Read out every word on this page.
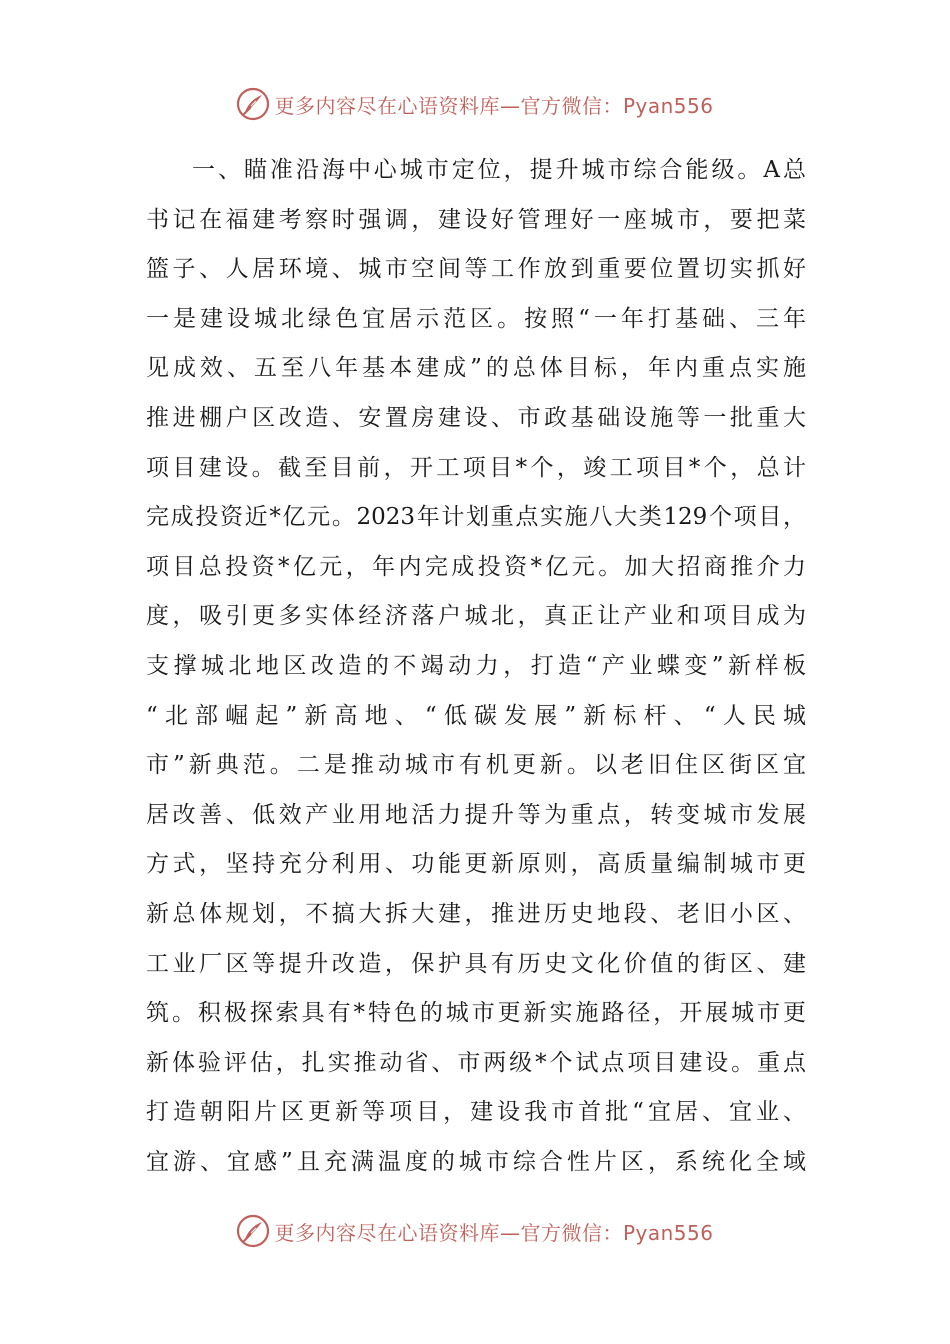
更多内容尽在心语资料库—官方微信：Pyan556
一、瞄准沿海中心城市定位，提升城市综合能级。A总
书记在福建考察时强调，建设好管理好一座城市，要把菜
篮子、人居环境、城市空间等工作放到重要位置切实抓好
一是建设城北绿色宜居示范区。按照“一年打基础、三年
见成效、五至八年基本建成”的总体目标，年内重点实施
推进棚户区改造、安置房建设、市政基础设施等一批重大
项目建设。截至目前，开工项目*个，竣工项目*个，总计
完成投资近*亿元。2023年计划重点实施八大类129个项目，
项目总投资*亿元，年内完成投资*亿元。加大招商推介力
度，吸引更多实体经济落户城北，真正让产业和项目成为
支撑城北地区改造的不竭动力，打造“产业蝶变”新样板
“北部崛起”新高地、“低碳发展”新标杆、“人民城
市”新典范。二是推动城市有机更新。以老旧住区街区宜
居改善、低效产业用地活力提升等为重点，转变城市发展
方式，坚持充分利用、功能更新原则，高质量编制城市更
新总体规划，不搞大拆大建，推进历史地段、老旧小区、
工业厂区等提升改造，保护具有历史文化价值的街区、建
筑。积极探索具有*特色的城市更新实施路径，开展城市更
新体验评估，扎实推动省、市两级*个试点项目建设。重点
打造朝阳片区更新等项目，建设我市首批“宜居、宜业、
宜游、宜感”且充满温度的城市综合性片区，系统化全域
更多内容尽在心语资料库—官方微信：Pyan556
